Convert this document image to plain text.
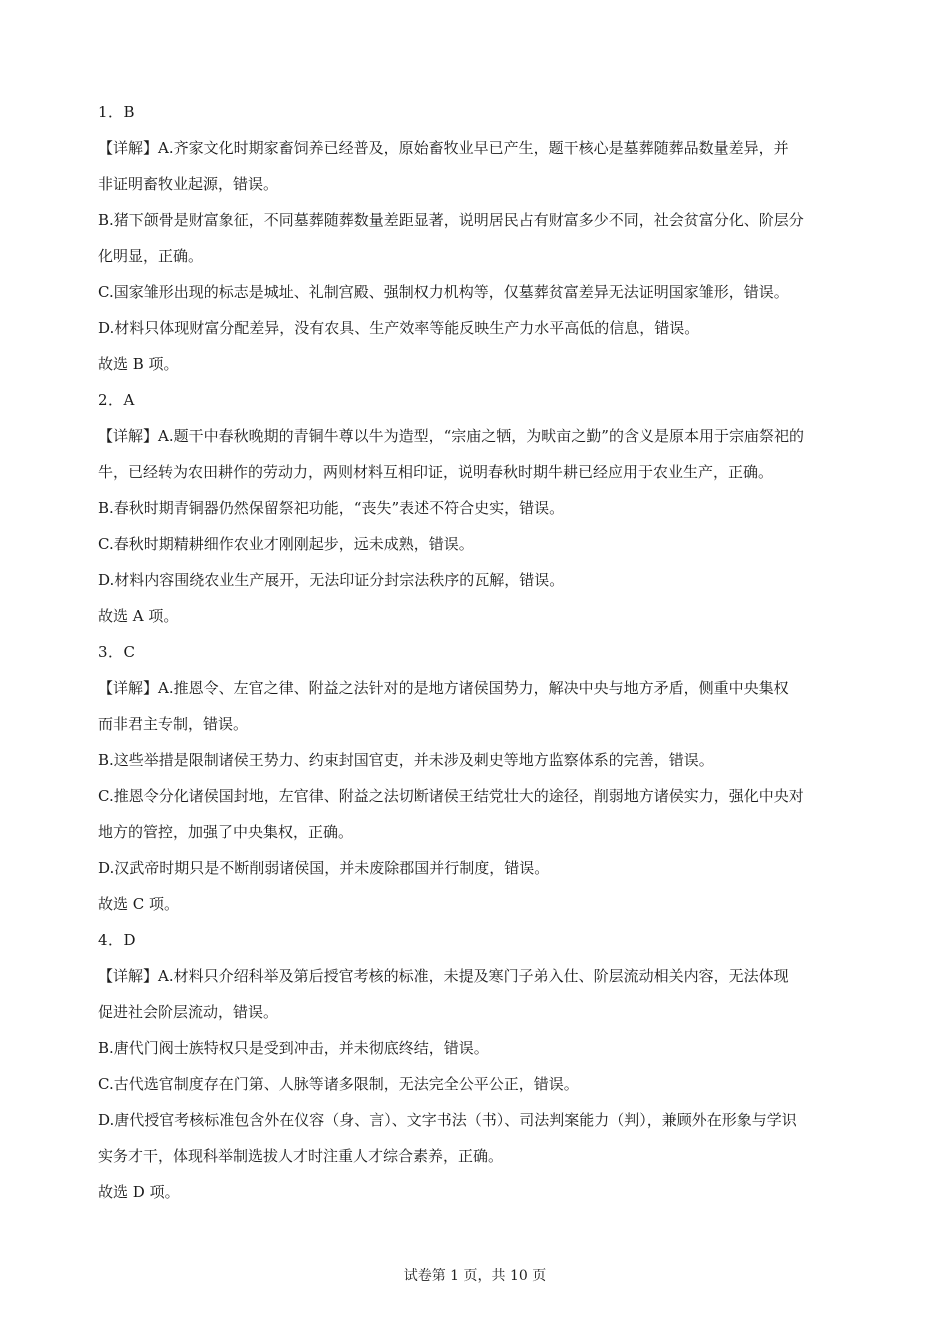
1．B
【详解】A.齐家文化时期家畜饲养已经普及，原始畜牧业早已产生，题干核心是墓葬随葬品数量差异，并
非证明畜牧业起源，错误。
B.猪下颌骨是财富象征，不同墓葬随葬数量差距显著，说明居民占有财富多少不同，社会贫富分化、阶层分
化明显，正确。
C.国家雏形出现的标志是城址、礼制宫殿、强制权力机构等，仅墓葬贫富差异无法证明国家雏形，错误。
D.材料只体现财富分配差异，没有农具、生产效率等能反映生产力水平高低的信息，错误。
故选 B 项。
2．A
【详解】A.题干中春秋晚期的青铜牛尊以牛为造型，“宗庙之牺，为畎亩之勤”的含义是原本用于宗庙祭祀的
牛，已经转为农田耕作的劳动力，两则材料互相印证，说明春秋时期牛耕已经应用于农业生产，正确。
B.春秋时期青铜器仍然保留祭祀功能，“丧失”表述不符合史实，错误。
C.春秋时期精耕细作农业才刚刚起步，远未成熟，错误。
D.材料内容围绕农业生产展开，无法印证分封宗法秩序的瓦解，错误。
故选 A 项。
3．C
【详解】A.推恩令、左官之律、附益之法针对的是地方诸侯国势力，解决中央与地方矛盾，侧重中央集权
而非君主专制，错误。
B.这些举措是限制诸侯王势力、约束封国官吏，并未涉及刺史等地方监察体系的完善，错误。
C.推恩令分化诸侯国封地，左官律、附益之法切断诸侯王结党壮大的途径，削弱地方诸侯实力，强化中央对
地方的管控，加强了中央集权，正确。
D.汉武帝时期只是不断削弱诸侯国，并未废除郡国并行制度，错误。
故选 C 项。
4．D
【详解】A.材料只介绍科举及第后授官考核的标准，未提及寒门子弟入仕、阶层流动相关内容，无法体现
促进社会阶层流动，错误。
B.唐代门阀士族特权只是受到冲击，并未彻底终结，错误。
C.古代选官制度存在门第、人脉等诸多限制，无法完全公平公正，错误。
D.唐代授官考核标准包含外在仪容（身、言）、文字书法（书）、司法判案能力（判），兼顾外在形象与学识
实务才干，体现科举制选拔人才时注重人才综合素养，正确。
故选 D 项。
试卷第 1 页，共 10 页
